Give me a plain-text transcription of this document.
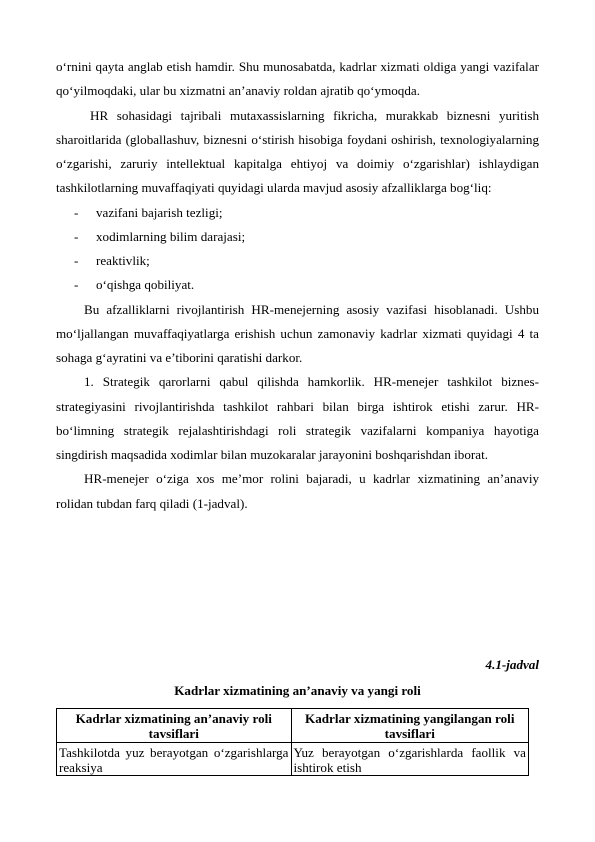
o‘rnini qayta anglab etish hamdir. Shu munosabatda, kadrlar xizmati oldiga yangi vazifalar qo‘yilmoqdaki, ular bu xizmatni an’anaviy roldan ajratib qo‘ymoqda.

HR sohasidagi tajribali mutaxassislarning fikricha, murakkab biznesni yuritish sharoitlarida (globallashuv, biznesni o‘stirish hisobiga foydani oshirish, texnologiyalarning o‘zgarishi, zaruriy intellektual kapitalga ehtiyoj va doimiy o‘zgarishlar) ishlaydigan tashkilotlarning muvaffaqiyati quyidagi ularda mavjud asosiy afzalliklarga bog‘liq:

- vazifani bajarish tezligi;
- xodimlarning bilim darajasi;
- reaktivlik;
- o‘qishga qobiliyat.

Bu afzalliklarni rivojlantirish HR-menejerning asosiy vazifasi hisoblanadi. Ushbu mo‘ljallangan muvaffaqiyatlarga erishish uchun zamonaviy kadrlar xizmati quyidagi 4 ta sohaga g‘ayratini va e’tiborini qaratishi darkor.

1. Strategik qarorlarni qabul qilishda hamkorlik. HR-menejer tashkilot biznes-strategiyasini rivojlantirishda tashkilot rahbari bilan birga ishtirok etishi zarur. HR-bo‘limning strategik rejalashtirishdagi roli strategik vazifalarni kompaniya hayotiga singdirish maqsadida xodimlar bilan muzokaralar jarayonini boshqarishdan iborat.

HR-menejer o‘ziga xos me’mor rolini bajaradi, u kadrlar xizmatining an’anaviy rolidan tubdan farq qiladi (1-jadval).

4.1-jadval
Kadrlar xizmatining an’anaviy va yangi roli
Kadrlar xizmatining an’anaviy roli tavsiflari	Kadrlar xizmatining yangilangan roli tavsiflari
Tashkilotda yuz berayotgan o‘zgarishlarga reaksiya	Yuz berayotgan o‘zgarishlarda faollik va ishtirok etish
